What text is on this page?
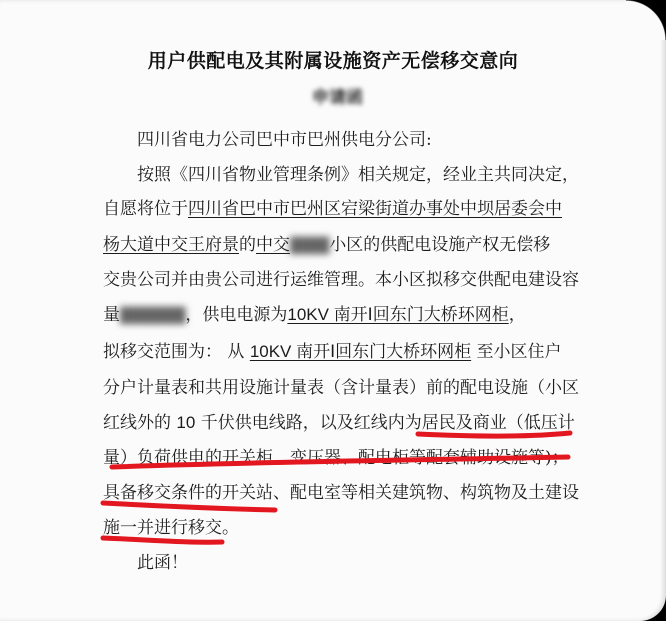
用户供配电及其附属设施资产无偿移交意向
申请函
四川省电力公司巴中市巴州供电分公司:
按照《四川省物业管理条例》相关规定，经业主共同决定，
自愿将位于四川省巴中市巴州区宕梁街道办事处中坝居委会中
杨大道中交王府景的中交▇▇▇小区的供配电设施产权无偿移
交贵公司并由贵公司进行运维管理。本小区拟移交供配电建设容
量▇▇▇▇▇，供电电源为10KV 南开Ⅰ回东门大桥环网柜，
拟移交范围为： 从 10KV 南开Ⅰ回东门大桥环网柜 至小区住户
分户计量表和共用设施计量表（含计量表）前的配电设施（小区
红线外的 10 千伏供电线路，以及红线内为居民及商业（低压计
量）负荷供电的开关柜、变压器、配电柜等配套辅助设施等)；
具备移交条件的开关站、配电室等相关建筑物、构筑物及土建设
施一并进行移交。
此函！
